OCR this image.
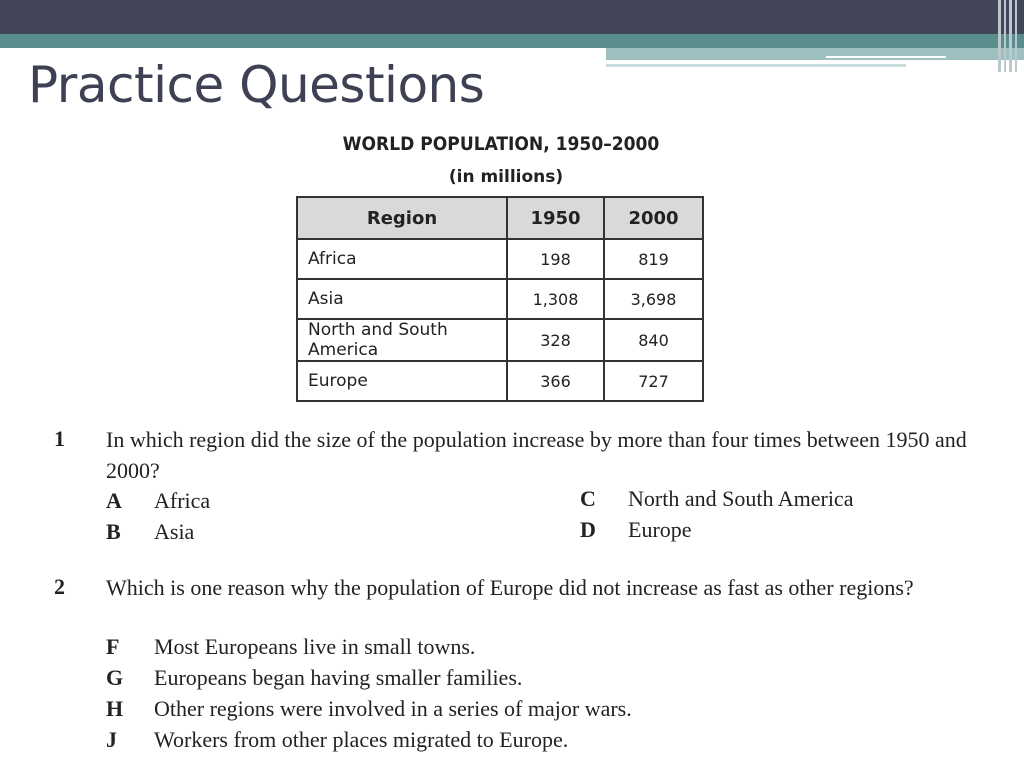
Practice Questions
WORLD POPULATION, 1950–2000
(in millions)
Region	1950	2000
Africa	198	819
Asia	1,308	3,698
North and South America	328	840
Europe	366	727
1 In which region did the size of the population increase by more than four times between 1950 and 2000?
A Africa
B Asia
C North and South America
D Europe
2 Which is one reason why the population of Europe did not increase as fast as other regions?
F Most Europeans live in small towns.
G Europeans began having smaller families.
H Other regions were involved in a series of major wars.
J Workers from other places migrated to Europe.
